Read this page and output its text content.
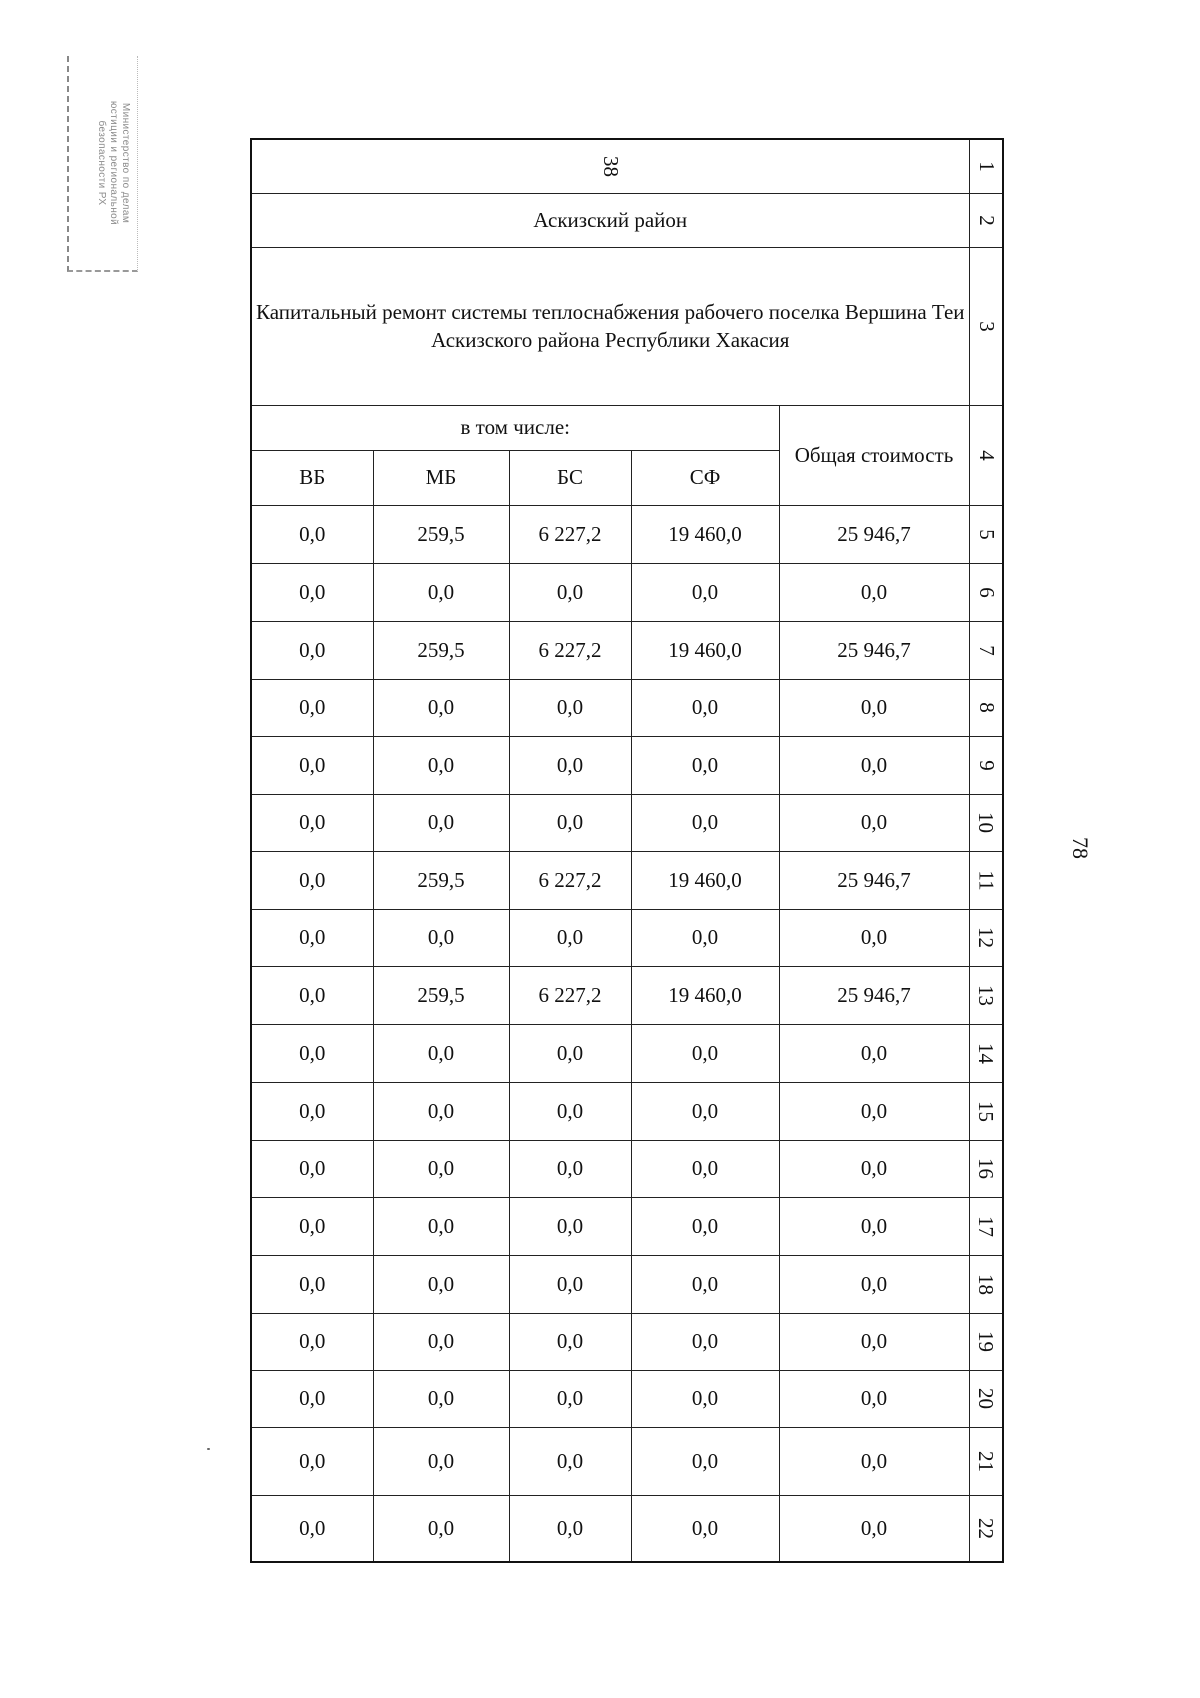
Министерство по делам
юстиции и региональной
безопасности РХ	38					1
Аскизский район					2
Капитальный ремонт системы теплоснабжения рабочего поселка Вершина Теи Аскизского района Республики Хакасия					3
в том числе:				Общая стоимость	4
ВБ	МБ	БС	СФ		
0,0	259,5	6 227,2	19 460,0	25 946,7	5
0,0	0,0	0,0	0,0	0,0	6
0,0	259,5	6 227,2	19 460,0	25 946,7	7
0,0	0,0	0,0	0,0	0,0	8
0,0	0,0	0,0	0,0	0,0	9
0,0	0,0	0,0	0,0	0,0	10
0,0	259,5	6 227,2	19 460,0	25 946,7	11
0,0	0,0	0,0	0,0	0,0	12
0,0	259,5	6 227,2	19 460,0	25 946,7	13
0,0	0,0	0,0	0,0	0,0	14
0,0	0,0	0,0	0,0	0,0	15
0,0	0,0	0,0	0,0	0,0	16
0,0	0,0	0,0	0,0	0,0	17
0,0	0,0	0,0	0,0	0,0	18
0,0	0,0	0,0	0,0	0,0	19
0,0	0,0	0,0	0,0	0,0	20
0,0	0,0	0,0	0,0	0,0	21
0,0	0,0	0,0	0,0	0,0	22
78
